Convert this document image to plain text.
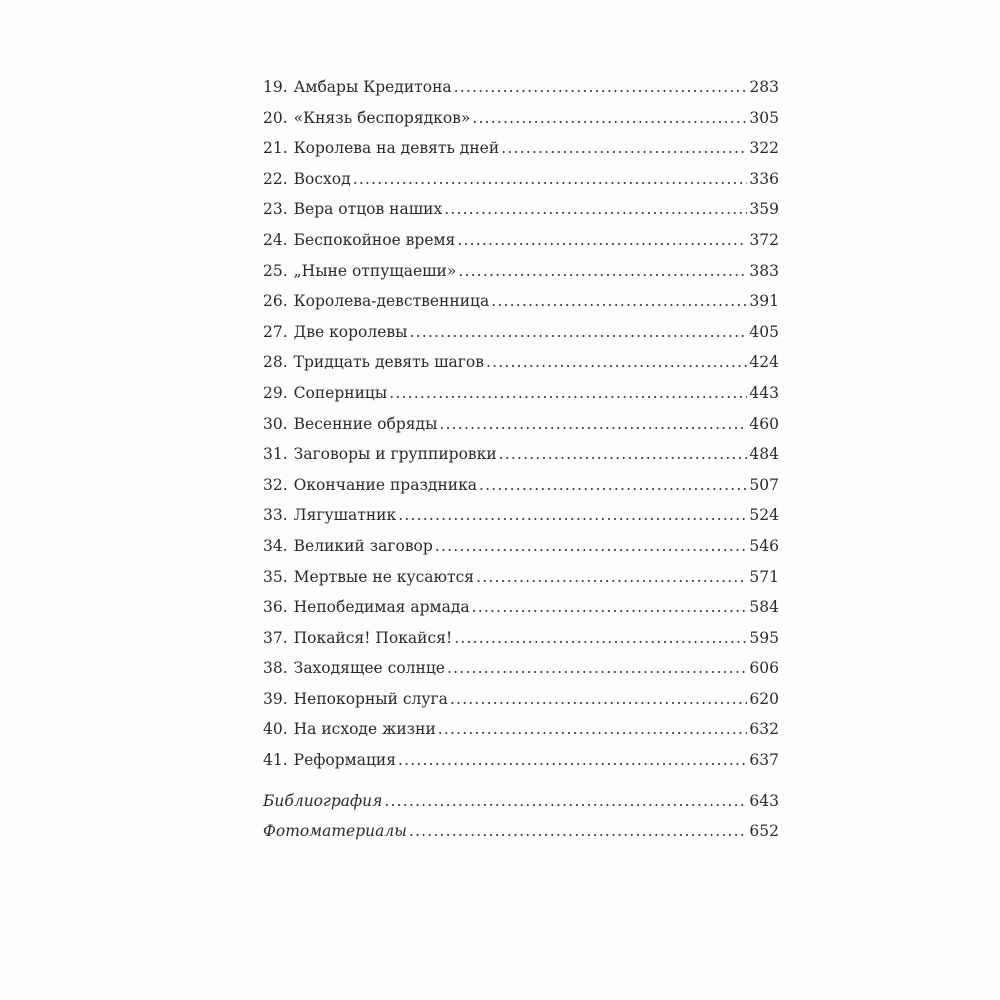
19. Амбары Кредитона .....	283
20. «Князь беспорядков» .....	305
21. Королева на девять дней .....	322
22. Восход .....	336
23. Вера отцов наших .....	359
24. Беспокойное время .....	372
25. „Ныне отпущаеши» .....	383
26. Королева-девственница .....	391
27. Две королевы .....	405
28. Тридцать девять шагов .....	424
29. Соперницы .....	443
30. Весенние обряды .....	460
31. Заговоры и группировки .....	484
32. Окончание праздника .....	507
33. Лягушатник .....	524
34. Великий заговор .....	546
35. Мертвые не кусаются .....	571
36. Непобедимая армада .....	584
37. Покайся! Покайся! .....	595
38. Заходящее солнце .....	606
39. Непокорный слуга .....	620
40. На исходе жизни .....	632
41. Реформация .....	637
Библиография .....	643
Фотоматериалы .....	652
